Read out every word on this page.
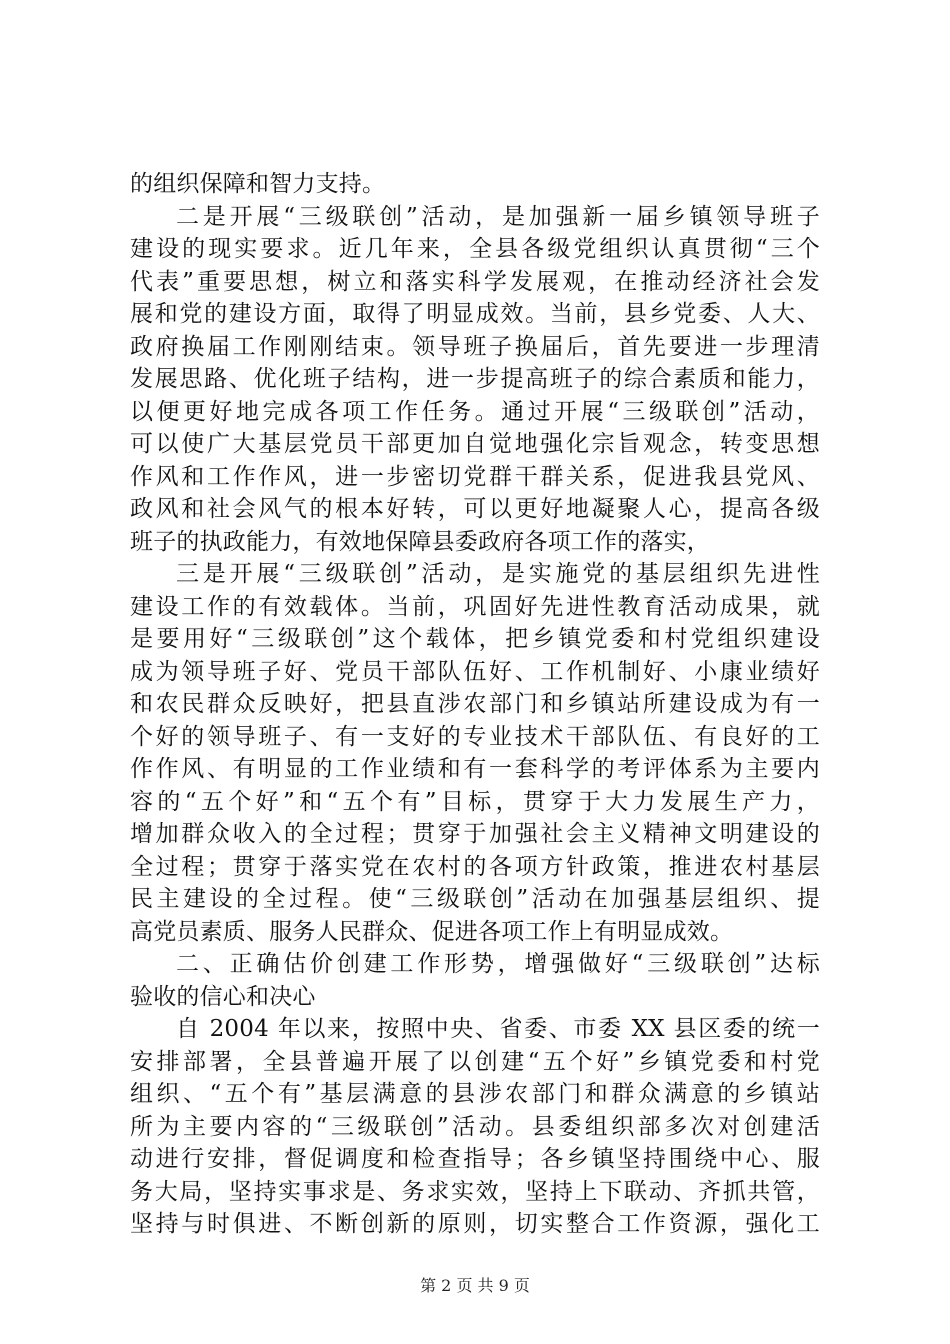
的组织保障和智力支持。
二是开展“三级联创”活动，是加强新一届乡镇领导班子
建设的现实要求。近几年来，全县各级党组织认真贯彻“三个
代表”重要思想，树立和落实科学发展观，在推动经济社会发
展和党的建设方面，取得了明显成效。当前，县乡党委、人大、
政府换届工作刚刚结束。领导班子换届后，首先要进一步理清
发展思路、优化班子结构，进一步提高班子的综合素质和能力，
以便更好地完成各项工作任务。通过开展“三级联创”活动，
可以使广大基层党员干部更加自觉地强化宗旨观念，转变思想
作风和工作作风，进一步密切党群干群关系，促进我县党风、
政风和社会风气的根本好转，可以更好地凝聚人心，提高各级
班子的执政能力，有效地保障县委政府各项工作的落实，
三是开展“三级联创”活动，是实施党的基层组织先进性
建设工作的有效载体。当前，巩固好先进性教育活动成果，就
是要用好“三级联创”这个载体，把乡镇党委和村党组织建设
成为领导班子好、党员干部队伍好、工作机制好、小康业绩好
和农民群众反映好，把县直涉农部门和乡镇站所建设成为有一
个好的领导班子、有一支好的专业技术干部队伍、有良好的工
作作风、有明显的工作业绩和有一套科学的考评体系为主要内
容的“五个好”和“五个有”目标，贯穿于大力发展生产力，
增加群众收入的全过程；贯穿于加强社会主义精神文明建设的
全过程；贯穿于落实党在农村的各项方针政策，推进农村基层
民主建设的全过程。使“三级联创”活动在加强基层组织、提
高党员素质、服务人民群众、促进各项工作上有明显成效。
二、正确估价创建工作形势，增强做好“三级联创”达标
验收的信心和决心
自 2004 年以来，按照中央、省委、市委 XX 县区委的统一
安排部署，全县普遍开展了以创建“五个好”乡镇党委和村党
组织、“五个有”基层满意的县涉农部门和群众满意的乡镇站
所为主要内容的“三级联创”活动。县委组织部多次对创建活
动进行安排，督促调度和检查指导；各乡镇坚持围绕中心、服
务大局，坚持实事求是、务求实效，坚持上下联动、齐抓共管，
坚持与时俱进、不断创新的原则，切实整合工作资源，强化工
第 2 页 共 9 页
